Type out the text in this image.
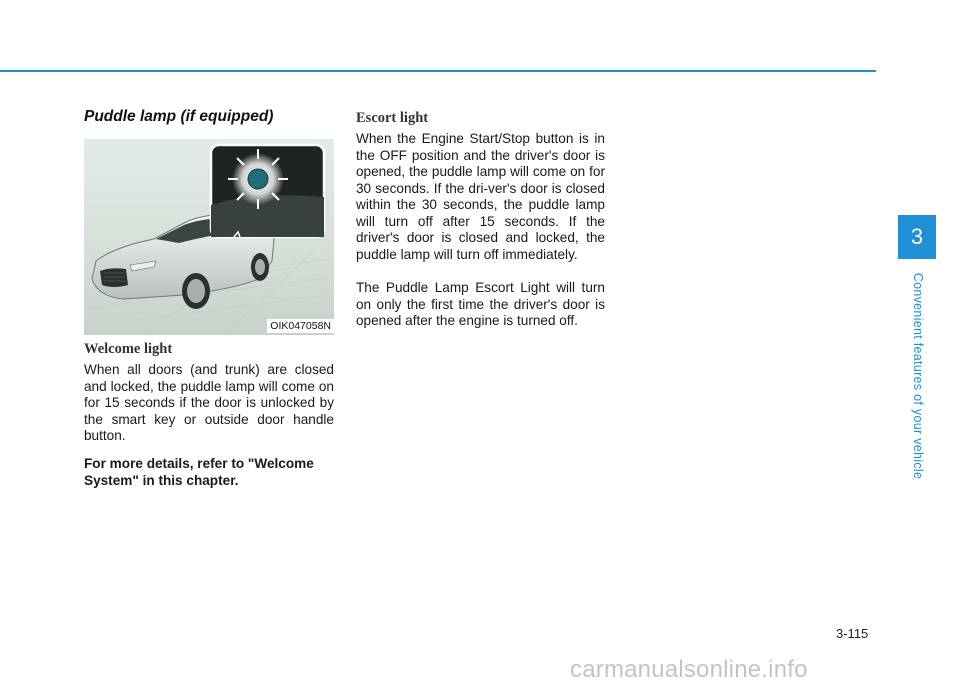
Puddle lamp (if equipped)
OIK047058N
Welcome light

When all doors (and trunk) are closed and locked, the puddle lamp will come on for 15 seconds if the door is unlocked by the smart key or outside door handle button.

For more details, refer to "Welcome System" in this chapter.

Escort light

When the Engine Start/Stop button is in the OFF position and the driver's door is opened, the puddle lamp will come on for 30 seconds. If the dri-ver's door is closed within the 30 seconds, the puddle lamp will turn off after 15 seconds. If the driver's door is closed and locked, the puddle lamp will turn off immediately.

The Puddle Lamp Escort Light will turn on only the first time the driver's door is opened after the engine is turned off.

3
Convenient features of your vehicle
3-115
carmanualsonline.info
